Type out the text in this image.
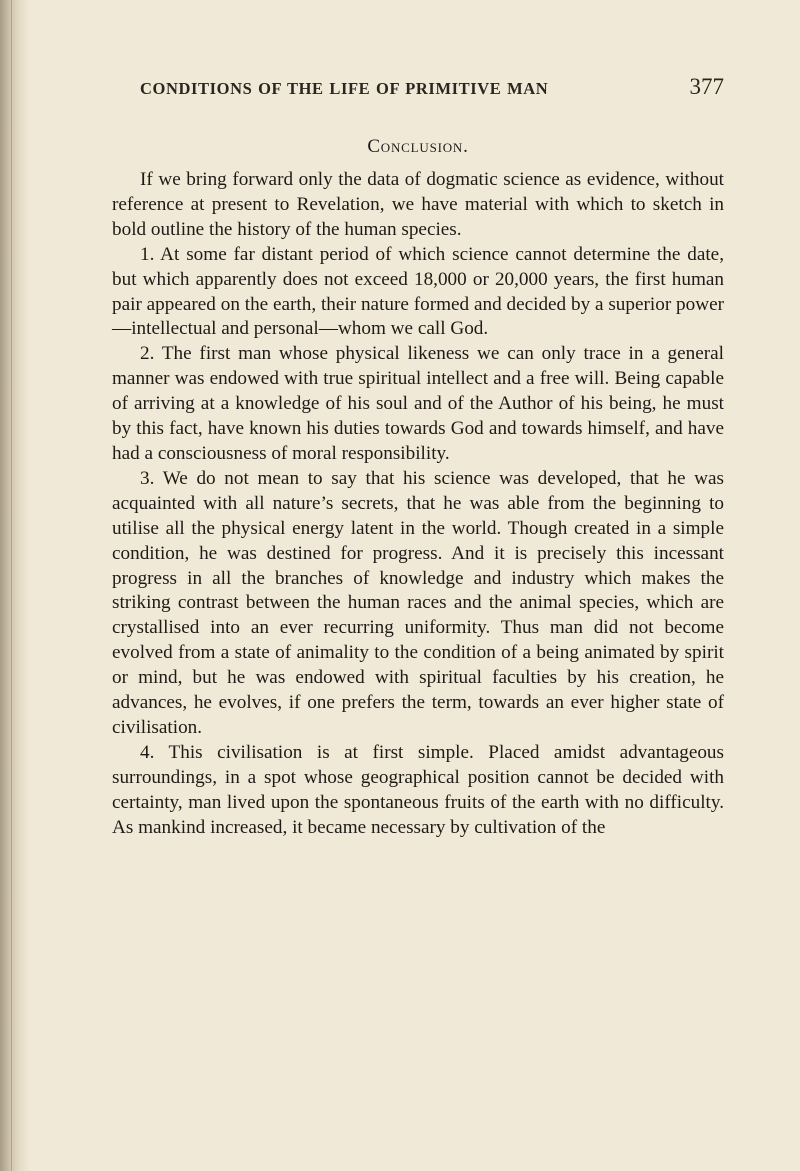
CONDITIONS OF THE LIFE OF PRIMITIVE MAN	377
Conclusion.

If we bring forward only the data of dogmatic science as evidence, without reference at present to Revelation, we have material with which to sketch in bold outline the history of the human species.

1. At some far distant period of which science cannot determine the date, but which apparently does not exceed 18,000 or 20,000 years, the first human pair appeared on the earth, their nature formed and decided by a superior power—intellectual and personal—whom we call God.

2. The first man whose physical likeness we can only trace in a general manner was endowed with true spiritual intellect and a free will. Being capable of arriving at a knowledge of his soul and of the Author of his being, he must by this fact, have known his duties towards God and towards himself, and have had a consciousness of moral responsibility.

3. We do not mean to say that his science was developed, that he was acquainted with all nature’s secrets, that he was able from the beginning to utilise all the physical energy latent in the world. Though created in a simple condition, he was destined for progress. And it is precisely this incessant progress in all the branches of knowledge and industry which makes the striking contrast between the human races and the animal species, which are crystallised into an ever recurring uniformity. Thus man did not become evolved from a state of animality to the condition of a being animated by spirit or mind, but he was endowed with spiritual faculties by his creation, he advances, he evolves, if one prefers the term, towards an ever higher state of civilisation.

4. This civilisation is at first simple. Placed amidst advantageous surroundings, in a spot whose geographical position cannot be decided with certainty, man lived upon the spontaneous fruits of the earth with no difficulty. As mankind increased, it became necessary by cultivation of the
